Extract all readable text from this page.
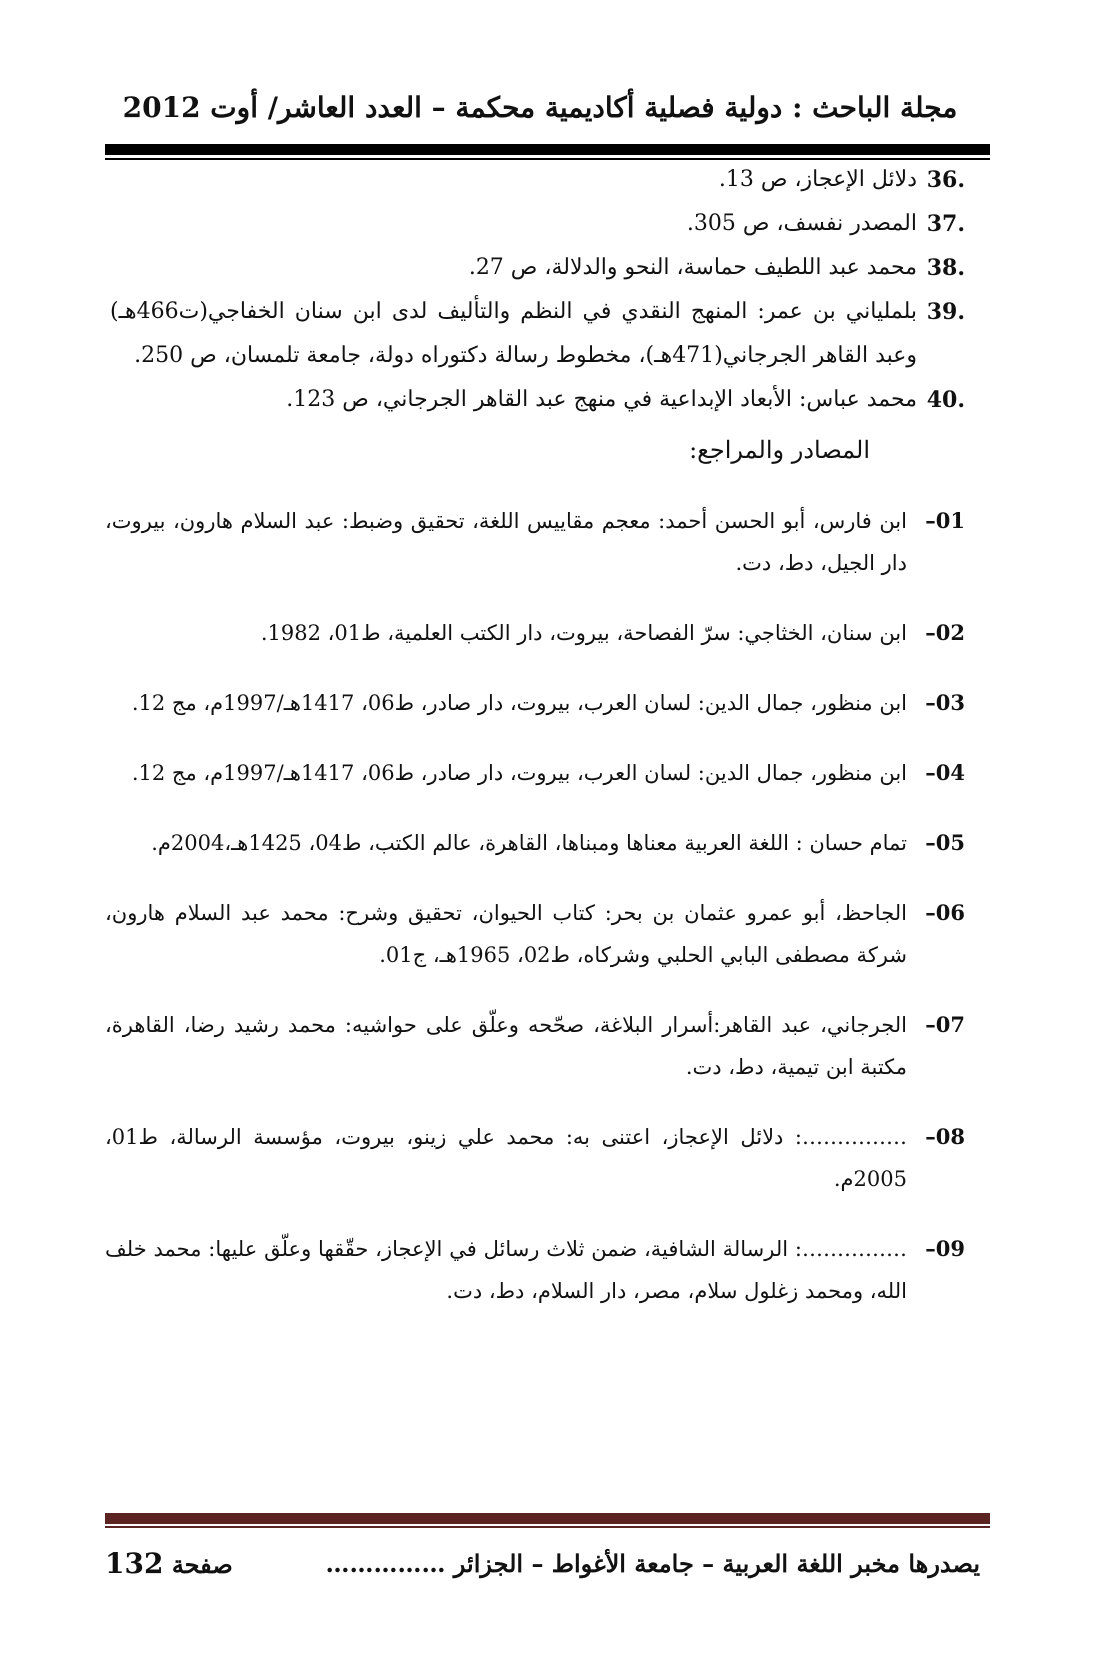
مجلة الباحث : دولية فصلية أكاديمية محكمة – العدد العاشر/ أوت 2012
36.
دلائل الإعجاز، ص 13.
37.
المصدر نفسف، ص 305.
38.
محمد عبد اللطيف حماسة، النحو والدلالة، ص 27.
39.
بلملياني بن عمر: المنهج النقدي في النظم والتأليف لدى ابن سنان الخفاجي(ت466هـ) وعبد القاهر الجرجاني(471هـ)، مخطوط رسالة دكتوراه دولة، جامعة تلمسان، ص 250.
40.
محمد عباس: الأبعاد الإبداعية في منهج عبد القاهر الجرجاني، ص 123.
المصادر والمراجع:
01–
ابن فارس، أبو الحسن أحمد: معجم مقاييس اللغة، تحقيق وضبط: عبد السلام هارون، بيروت، دار الجيل، دط، دت.
02–
ابن سنان، الخثاجي: سرّ الفصاحة، بيروت، دار الكتب العلمية، ط01، 1982.
03–
ابن منظور، جمال الدين: لسان العرب، بيروت، دار صادر، ط06، 1417هـ/1997م، مج 12.
04–
ابن منظور، جمال الدين: لسان العرب، بيروت، دار صادر، ط06، 1417هـ/1997م، مج 12.
05–
تمام حسان : اللغة العربية معناها ومبناها، القاهرة، عالم الكتب، ط04، 1425هـ،2004م.
06–
الجاحظ، أبو عمرو عثمان بن بحر: كتاب الحيوان، تحقيق وشرح: محمد عبد السلام هارون، شركة مصطفى البابي الحلبي وشركاه، ط02، 1965هـ، ج01.
07–
الجرجاني، عبد القاهر:أسرار البلاغة، صحّحه وعلّق على حواشيه: محمد رشيد رضا، القاهرة، مكتبة ابن تيمية، دط، دت.
08–
……………: دلائل الإعجاز، اعتنى به: محمد علي زينو، بيروت، مؤسسة الرسالة، ط01، 2005م.
09–
……………: الرسالة الشافية، ضمن ثلاث رسائل في الإعجاز، حقّقها وعلّق عليها: محمد خلف الله، ومحمد زغلول سلام، مصر، دار السلام، دط، دت.
يصدرها مخبر اللغة العربية – جامعة الأغواط – الجزائر ……………
صفحة 132
